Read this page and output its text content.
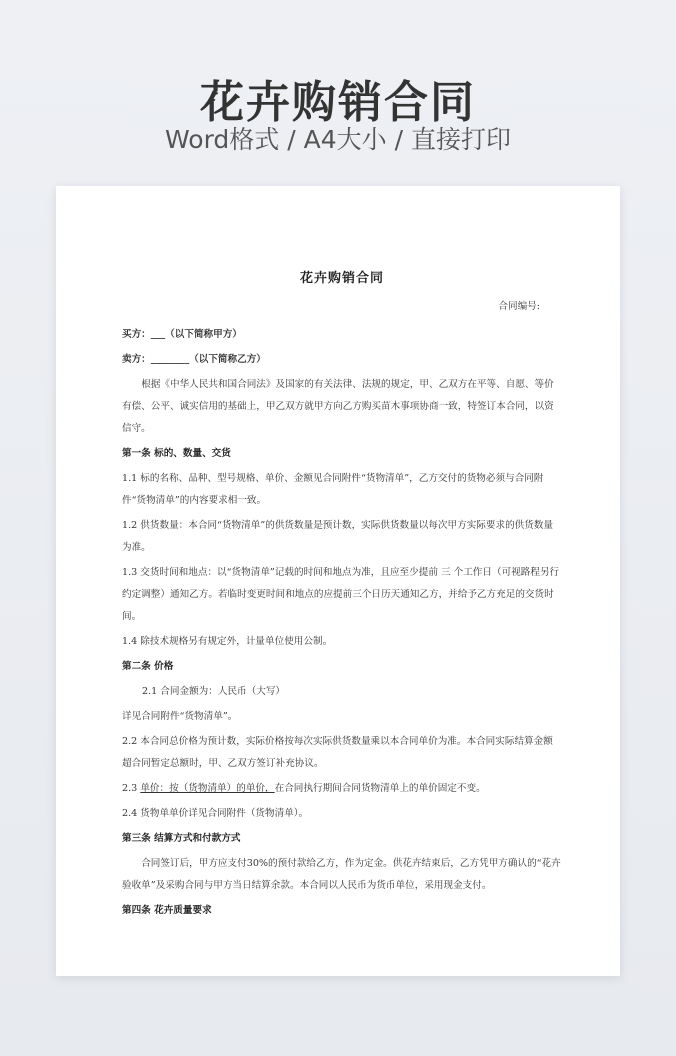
花卉购销合同
Word格式 / A4大小 / 直接打印
花卉购销合同
合同编号:
买方：___（以下简称甲方）
卖方：________（以下简称乙方）
根据《中华人民共和国合同法》及国家的有关法律、法规的规定，甲、乙双方在平等、自愿、等价有偿、公平、诚实信用的基础上，甲乙双方就甲方向乙方购买苗木事项协商一致，特签订本合同，以资信守。
第一条 标的、数量、交货
1.1 标的名称、品种、型号规格、单价、金额见合同附件“货物清单”，乙方交付的货物必须与合同附件“货物清单”的内容要求相一致。
1.2 供货数量：本合同“货物清单”的供货数量是预计数，实际供货数量以每次甲方实际要求的供货数量为准。
1.3 交货时间和地点：以“货物清单”记载的时间和地点为准，且应至少提前 三 个工作日（可视路程另行约定调整）通知乙方。若临时变更时间和地点的应提前三个日历天通知乙方，并给予乙方充足的交货时间。
1.4 除技术规格另有规定外，计量单位使用公制。
第二条 价格
2.1 合同金额为：人民币（大写）
详见合同附件“货物清单”。
2.2 本合同总价格为预计数，实际价格按每次实际供货数量乘以本合同单价为准。本合同实际结算金额超合同暂定总额时，甲、乙双方签订补充协议。
2.3 单价：按（货物清单）的单价，在合同执行期间合同货物清单上的单价固定不变。
2.4 货物单单价详见合同附件（货物清单）。
第三条 结算方式和付款方式
合同签订后，甲方应支付30%的预付款给乙方，作为定金。供花卉结束后，乙方凭甲方确认的“花卉验收单”及采购合同与甲方当日结算余款。本合同以人民币为货币单位，采用现金支付。
第四条 花卉质量要求
